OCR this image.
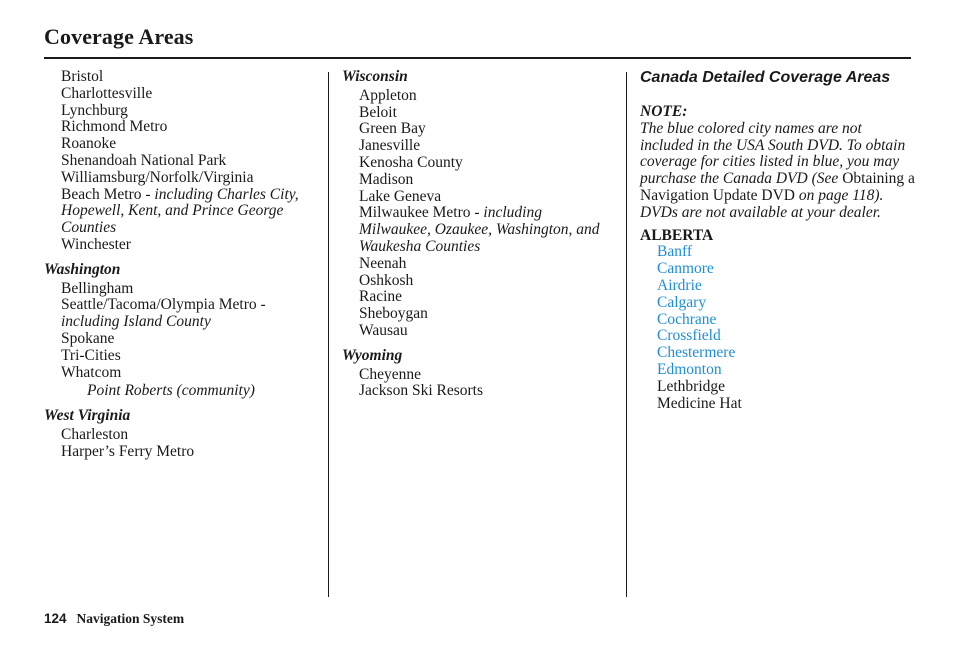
Coverage Areas
Bristol
Charlottesville
Lynchburg
Richmond Metro
Roanoke
Shenandoah National Park
Williamsburg/Norfolk/Virginia
Beach Metro - including Charles City, Hopewell, Kent, and Prince George Counties
Winchester
Washington
Bellingham
Seattle/Tacoma/Olympia Metro - including Island County
Spokane
Tri-Cities
Whatcom
Point Roberts (community)
West Virginia
Charleston
Harper’s Ferry Metro
Wisconsin
Appleton
Beloit
Green Bay
Janesville
Kenosha County
Madison
Lake Geneva
Milwaukee Metro - including Milwaukee, Ozaukee, Washington, and Waukesha Counties
Neenah
Oshkosh
Racine
Sheboygan
Wausau
Wyoming
Cheyenne
Jackson Ski Resorts
Canada Detailed Coverage Areas
NOTE:
The blue colored city names are not included in the USA South DVD. To obtain coverage for cities listed in blue, you may purchase the Canada DVD (See Obtaining a Navigation Update DVD on page 118). DVDs are not available at your dealer.
ALBERTA
Banff
Canmore
Airdrie
Calgary
Cochrane
Crossfield
Chestermere
Edmonton
Lethbridge
Medicine Hat
124 Navigation System
